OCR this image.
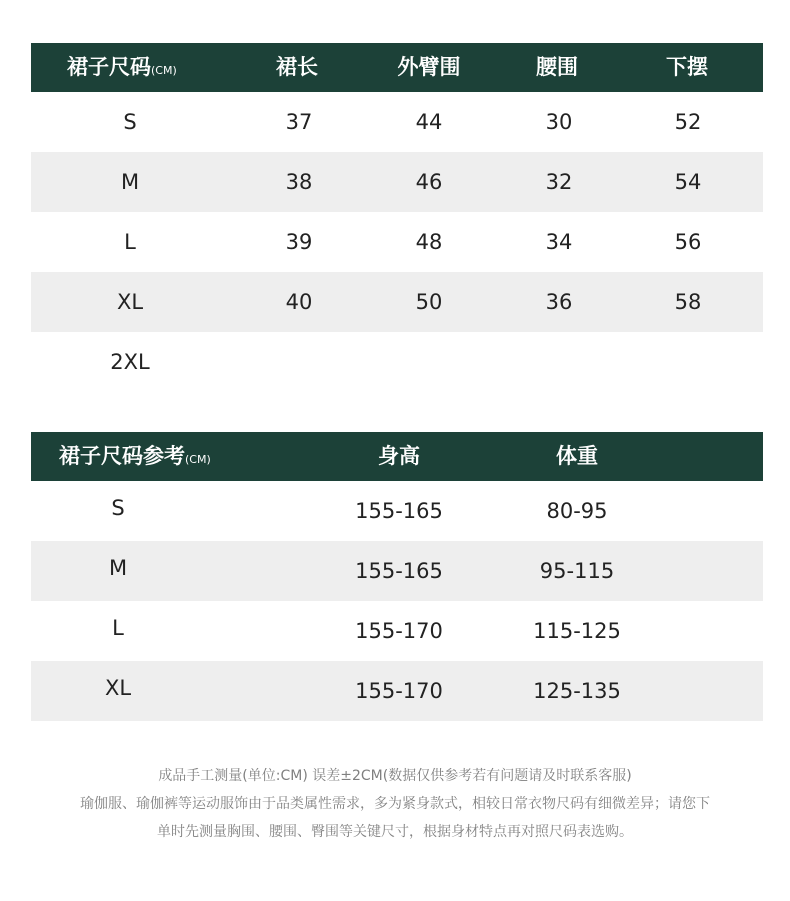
裙子尺码(CM)	裙长	外臂围	腰围	下摆
S	37	44	30	52
M	38	46	32	54
L	39	48	34	56
XL	40	50	36	58
2XL
裙子尺码参考(CM)	身高	体重
S	155-165	80-95
M	155-165	95-115
L	155-170	115-125
XL	155-170	125-135
成品手工测量(单位:CM) 误差±2CM(数据仅供参考若有问题请及时联系客服)
瑜伽服、瑜伽裤等运动服饰由于品类属性需求，多为紧身款式，相较日常衣物尺码有细微差异；请您下
单时先测量胸围、腰围、臀围等关键尺寸，根据身材特点再对照尺码表选购。
